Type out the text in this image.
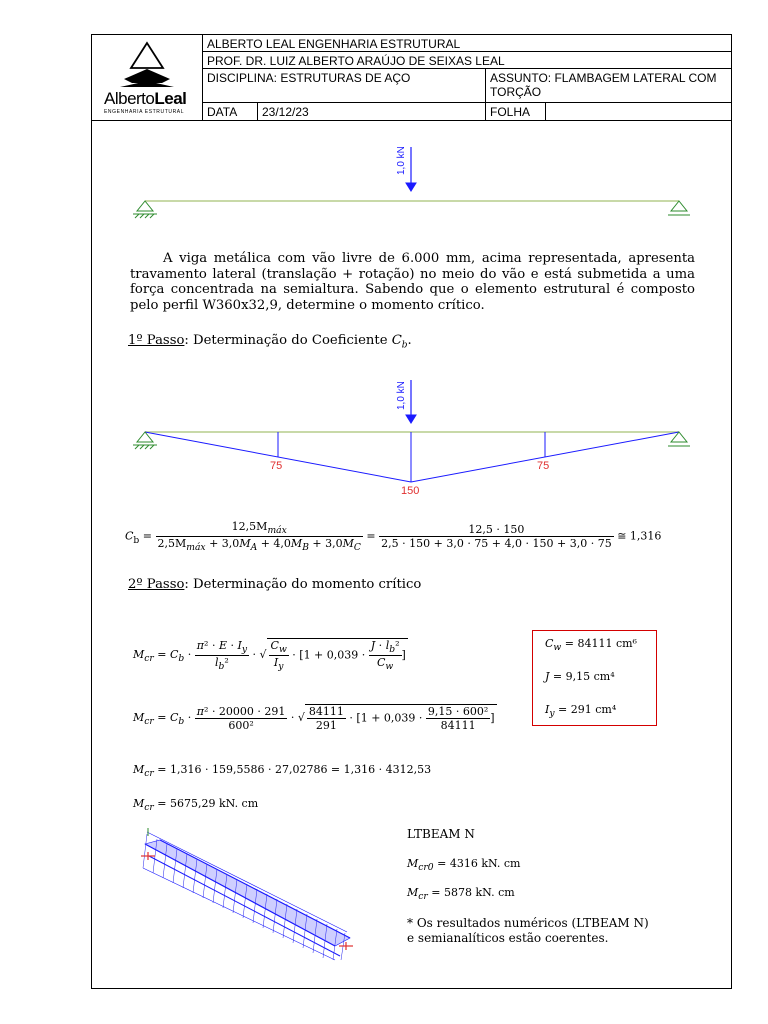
AlbertoLeal
ENGENHARIA ESTRUTURAL
ALBERTO LEAL ENGENHARIA ESTRUTURAL
PROF. DR. LUIZ ALBERTO ARAÚJO DE SEIXAS LEAL
DISCIPLINA: ESTRUTURAS DE AÇO	ASSUNTO: FLAMBAGEM LATERAL COM TORÇÃO
DATA	23/12/23	FOLHA
1,0 kN
A viga metálica com vão livre de 6.000 mm, acima representada, apresenta travamento lateral (translação + rotação) no meio do vão e está submetida a uma força concentrada na semialtura. Sabendo que o elemento estrutural é composto pelo perfil W360x32,9, determine o momento crítico.
1º Passo: Determinação do Coeficiente $C_b$.
1,0 kN
75
150
75
$C_b = \frac{12,5M_{máx}}{2,5M_{máx} + 3,0M_A + 4,0M_B + 3,0M_C} = \frac{12,5 \cdot 150}{2,5 \cdot 150 + 3,0 \cdot 75 + 4,0 \cdot 150 + 3,0 \cdot 75}$ ≅ 1,316
2º Passo: Determinação do momento crítico
$M_{cr} = C_b \cdot \frac{\pi^2 \cdot E \cdot I_y}{l_b^2}$ · √ $\frac{C_w}{I_y} \cdot [1 + 0,039 \cdot \frac{J \cdot l_b^2}{C_w}$ ]
$M_{cr} = C_b \cdot \frac{\text{π² · 20000 · 291}}{\text{600²}}$ · √ $\frac{84111}{291} \cdot [1 + 0,039 \cdot \frac{\text{9,15 · 600²}}{84111}$ ]
$C_w = 84111$ cm⁶
J = 9,15 cm⁴
$I_y = 291$ cm⁴
$M_{cr} = 1,316 \cdot 159,5586 \cdot 27,02786 = 1,316 \cdot 4312,53$
$M_{cr} = 5675,29$ kN. cm
LTBEAM N
$M_{cr0} = 4316$ kN. cm
$M_{cr} = 5878$ kN. cm
* Os resultados numéricos (LTBEAM N)
e semianalíticos estão coerentes.
